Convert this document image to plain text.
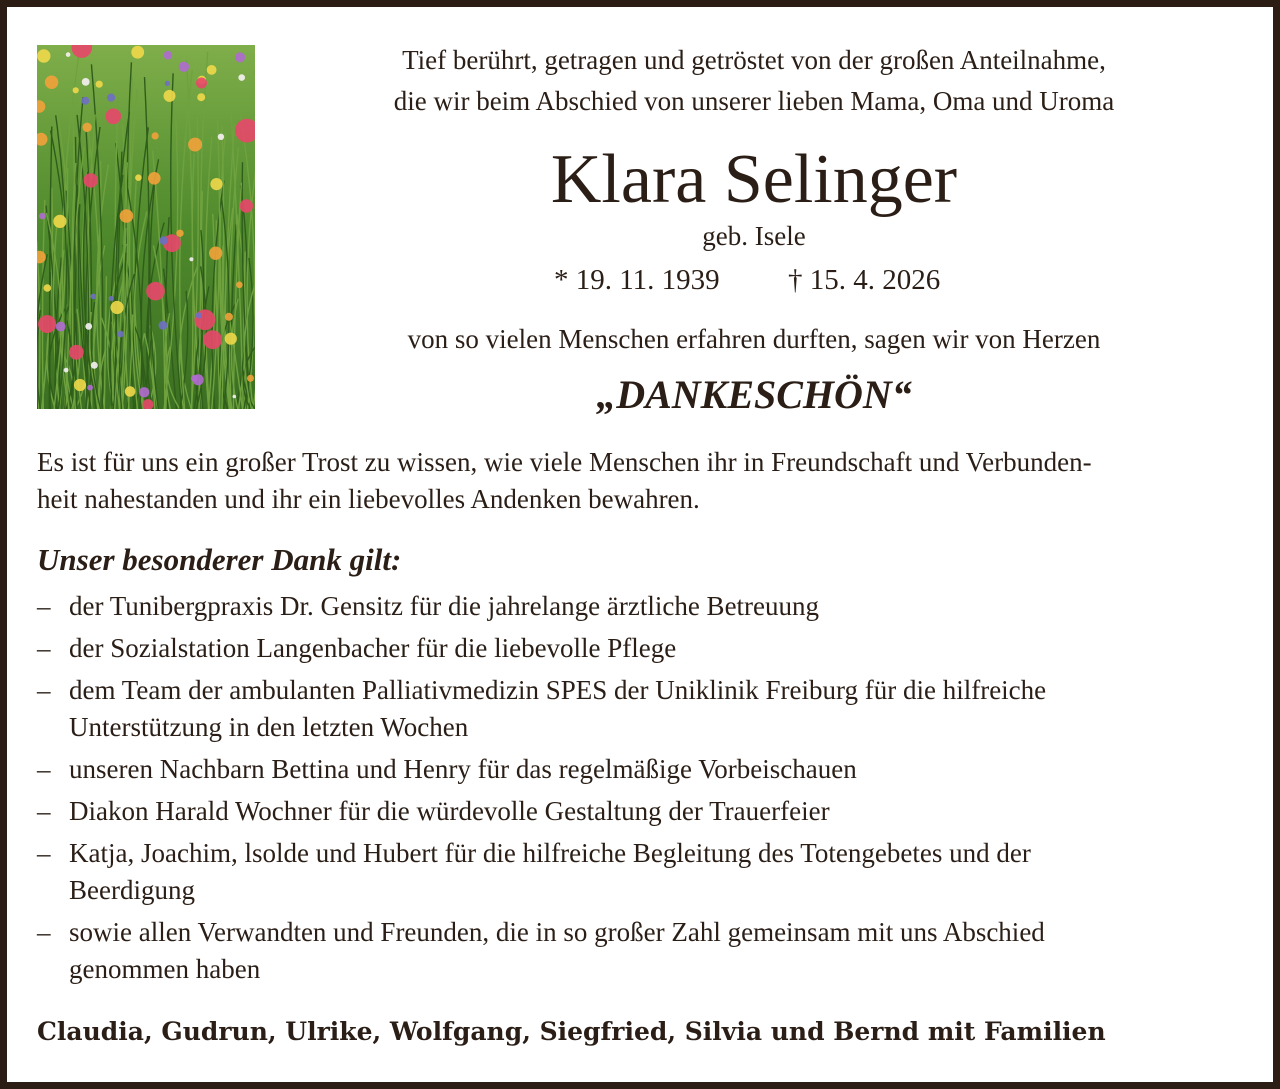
Tief berührt, getragen und getröstet von der großen Anteilnahme,
die wir beim Abschied von unserer lieben Mama, Oma und Uroma
Klara Selinger
geb. Isele
* 19. 11. 1939 † 15. 4. 2026
von so vielen Menschen erfahren durften, sagen wir von Herzen
„DANKESCHÖN“
Es ist für uns ein großer Trost zu wissen, wie viele Menschen ihr in Freundschaft und Verbunden-
heit nahestanden und ihr ein liebevolles Andenken bewahren.
Unser besonderer Dank gilt:
– der Tunibergpraxis Dr. Gensitz für die jahrelange ärztliche Betreuung
– der Sozialstation Langenbacher für die liebevolle Pflege
– dem Team der ambulanten Palliativmedizin SPES der Uniklinik Freiburg für die hilfreiche
Unterstützung in den letzten Wochen
– unseren Nachbarn Bettina und Henry für das regelmäßige Vorbeischauen
– Diakon Harald Wochner für die würdevolle Gestaltung der Trauerfeier
– Katja, Joachim, lsolde und Hubert für die hilfreiche Begleitung des Totengebetes und der
Beerdigung
– sowie allen Verwandten und Freunden, die in so großer Zahl gemeinsam mit uns Abschied
genommen haben
Claudia, Gudrun, Ulrike, Wolfgang, Siegfried, Silvia und Bernd mit Familien
